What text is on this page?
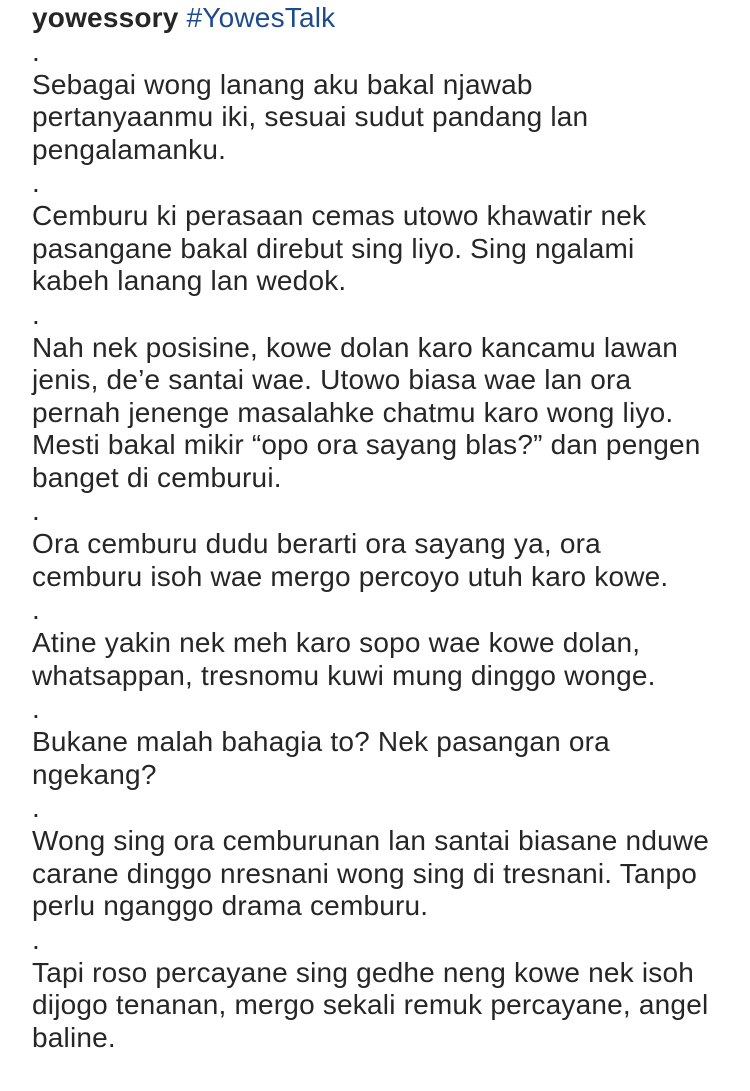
yowessory #YowesTalk

.
Sebagai wong lanang aku bakal njawab
pertanyaanmu iki, sesuai sudut pandang lan
pengalamanku.
.
Cemburu ki perasaan cemas utowo khawatir nek
pasangane bakal direbut sing liyo. Sing ngalami
kabeh lanang lan wedok.
.
Nah nek posisine, kowe dolan karo kancamu lawan
jenis, de’e santai wae. Utowo biasa wae lan ora
pernah jenenge masalahke chatmu karo wong liyo.
Mesti bakal mikir “opo ora sayang blas?” dan pengen
banget di cemburui.
.
Ora cemburu dudu berarti ora sayang ya, ora
cemburu isoh wae mergo percoyo utuh karo kowe.
.
Atine yakin nek meh karo sopo wae kowe dolan,
whatsappan, tresnomu kuwi mung dinggo wonge.
.
Bukane malah bahagia to? Nek pasangan ora
ngekang?
.
Wong sing ora cemburunan lan santai biasane nduwe
carane dinggo nresnani wong sing di tresnani. Tanpo
perlu nganggo drama cemburu.
.
Tapi roso percayane sing gedhe neng kowe nek isoh
dijogo tenanan, mergo sekali remuk percayane, angel
baline.
